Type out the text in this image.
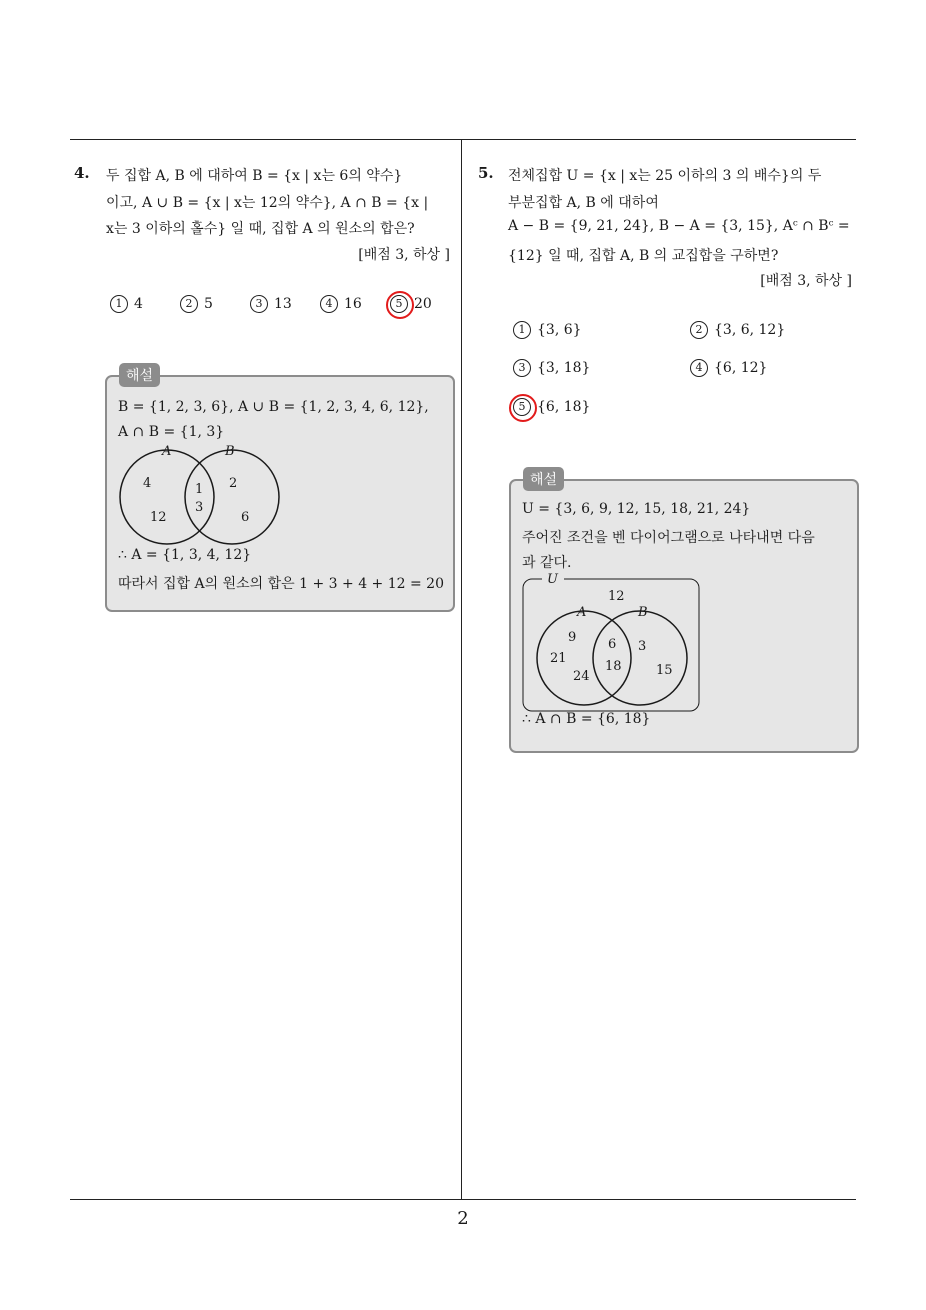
4. 두 집합 A, B 에 대하여 B = {x | x는 6의 약수}
이고, A ∪ B = {x | x는 12의 약수}, A ∩ B = {x |
x는 3 이하의 홀수} 일 때, 집합 A 의 원소의 합은?
[배점 3, 하상 ]
1 4	2 5	3 13	4 16	5 20
B = {1, 2, 3, 6}, A ∪ B = {1, 2, 3, 4, 6, 12},
A ∩ B = {1, 3}
A	B
4
12
1
3
2
6
∴ A = {1, 3, 4, 12}
따라서 집합 A의 원소의 합은 1 + 3 + 4 + 12 = 20
해설
5. 전체집합 U = {x | x는 25 이하의 3 의 배수}의 두
부분집합 A, B 에 대하여
A − B = {9, 21, 24}, B − A = {3, 15}, Aᶜ ∩ Bᶜ =
{12} 일 때, 집합 A, B 의 교집합을 구하면?
[배점 3, 하상 ]
1 {3, 6}	2 {3, 6, 12}
3 {3, 18}	4 {6, 12}
5 {6, 18}
U = {3, 6, 9, 12, 15, 18, 21, 24}
주어진 조건을 벤 다이어그램으로 나타내면 다음
과 같다.
U
12
A	B
9
21
24
6
18
3
15
∴ A ∩ B = {6, 18}
해설
2
